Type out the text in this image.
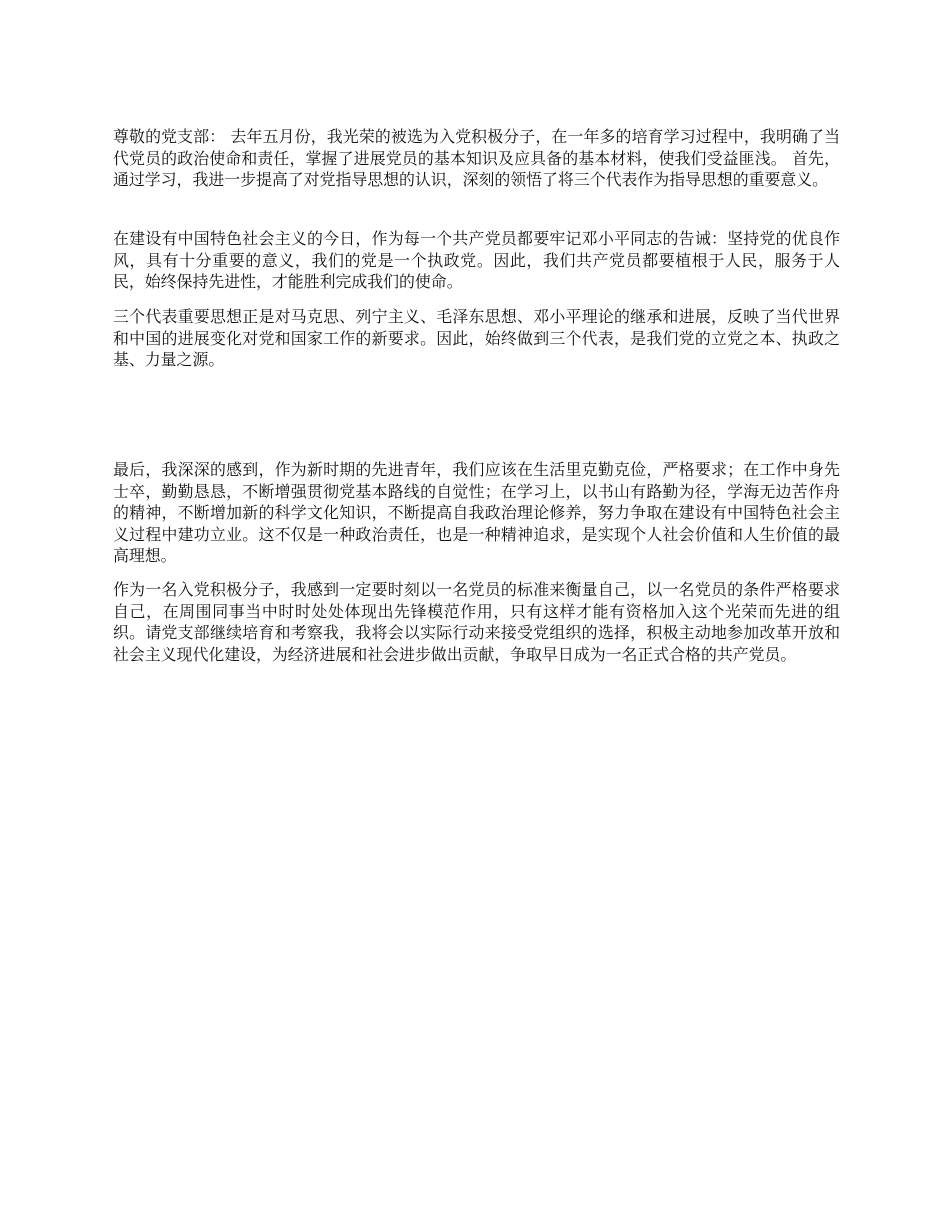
尊敬的党支部： 去年五月份，我光荣的被选为入党积极分子，在一年多的培育学习过程中，我明确了当代党员的政治使命和责任，掌握了进展党员的基本知识及应具备的基本材料，使我们受益匪浅。 首先，通过学习，我进一步提高了对党指导思想的认识，深刻的领悟了将三个代表作为指导思想的重要意义。

在建设有中国特色社会主义的今日，作为每一个共产党员都要牢记邓小平同志的告诫：坚持党的优良作风，具有十分重要的意义，我们的党是一个执政党。因此，我们共产党员都要植根于人民，服务于人民，始终保持先进性，才能胜利完成我们的使命。

三个代表重要思想正是对马克思、列宁主义、毛泽东思想、邓小平理论的继承和进展，反映了当代世界和中国的进展变化对党和国家工作的新要求。因此，始终做到三个代表，是我们党的立党之本、执政之基、力量之源。

最后，我深深的感到，作为新时期的先进青年，我们应该在生活里克勤克俭，严格要求；在工作中身先士卒，勤勤恳恳，不断增强贯彻党基本路线的自觉性；在学习上，以书山有路勤为径，学海无边苦作舟的精神，不断增加新的科学文化知识，不断提高自我政治理论修养，努力争取在建设有中国特色社会主义过程中建功立业。这不仅是一种政治责任，也是一种精神追求，是实现个人社会价值和人生价值的最高理想。

作为一名入党积极分子，我感到一定要时刻以一名党员的标准来衡量自己，以一名党员的条件严格要求自己，在周围同事当中时时处处体现出先锋模范作用，只有这样才能有资格加入这个光荣而先进的组织。请党支部继续培育和考察我，我将会以实际行动来接受党组织的选择，积极主动地参加改革开放和社会主义现代化建设，为经济进展和社会进步做出贡献，争取早日成为一名正式合格的共产党员。
